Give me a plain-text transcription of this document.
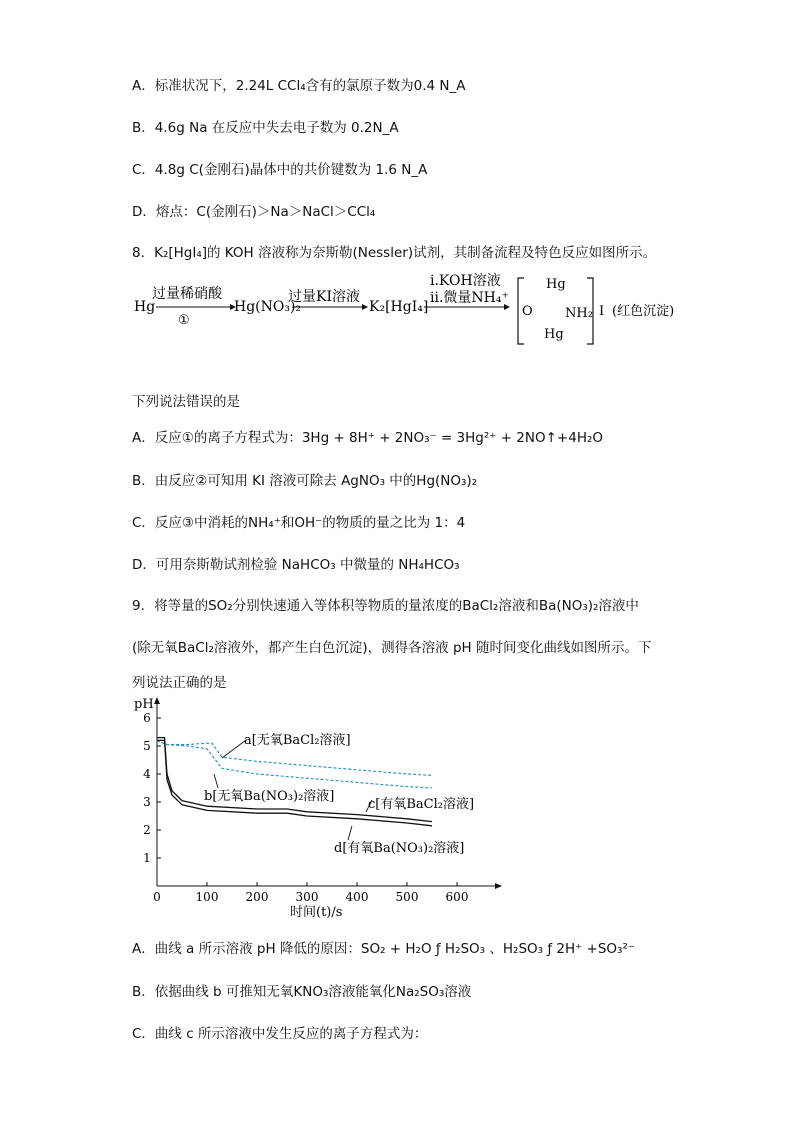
A．标准状况下，2.24L CCl₄含有的氯原子数为0.4 N_A
B．4.6g Na 在反应中失去电子数为 0.2N_A
C．4.8g C(金刚石)晶体中的共价键数为 1.6 N_A
D．熔点：C(金刚石)＞Na＞NaCl＞CCl₄
8．K₂[HgI₄]的 KOH 溶液称为奈斯勒(Nessler)试剂，其制备流程及特色反应如图所示。
Hg
过量稀硝酸
①
Hg(NO₃)₂
过量KI溶液
K₂[HgI₄]
i.KOH溶液
ii.微量NH₄⁺
Hg
O NH₂
Hg
I (红色沉淀)
下列说法错误的是
A．反应①的离子方程式为：3Hg + 8H⁺ + 2NO₃⁻ = 3Hg²⁺ + 2NO↑+4H₂O
B．由反应②可知用 KI 溶液可除去 AgNO₃ 中的Hg(NO₃)₂
C．反应③中消耗的NH₄⁺和OH⁻的物质的量之比为 1：4
D．可用奈斯勒试剂检验 NaHCO₃ 中微量的 NH₄HCO₃
9．将等量的SO₂分别快速通入等体积等物质的量浓度的BaCl₂溶液和Ba(NO₃)₂溶液中
(除无氧BaCl₂溶液外，都产生白色沉淀)，测得各溶液 pH 随时间变化曲线如图所示。下
列说法正确的是
pH
时间(t)/s
0	100 200 300 400 500 600
1
2
3
4
5
6
a[无氧BaCl₂溶液]
b[无氧Ba(NO₃)₂溶液]
c[有氧BaCl₂溶液]
d[有氧Ba(NO₃)₂溶液]
A．曲线 a 所示溶液 pH 降低的原因：SO₂ + H₂O ƒ H₂SO₃ 、H₂SO₃ ƒ 2H⁺ +SO₃²⁻
B．依据曲线 b 可推知无氧KNO₃溶液能氧化Na₂SO₃溶液
C．曲线 c 所示溶液中发生反应的离子方程式为：
